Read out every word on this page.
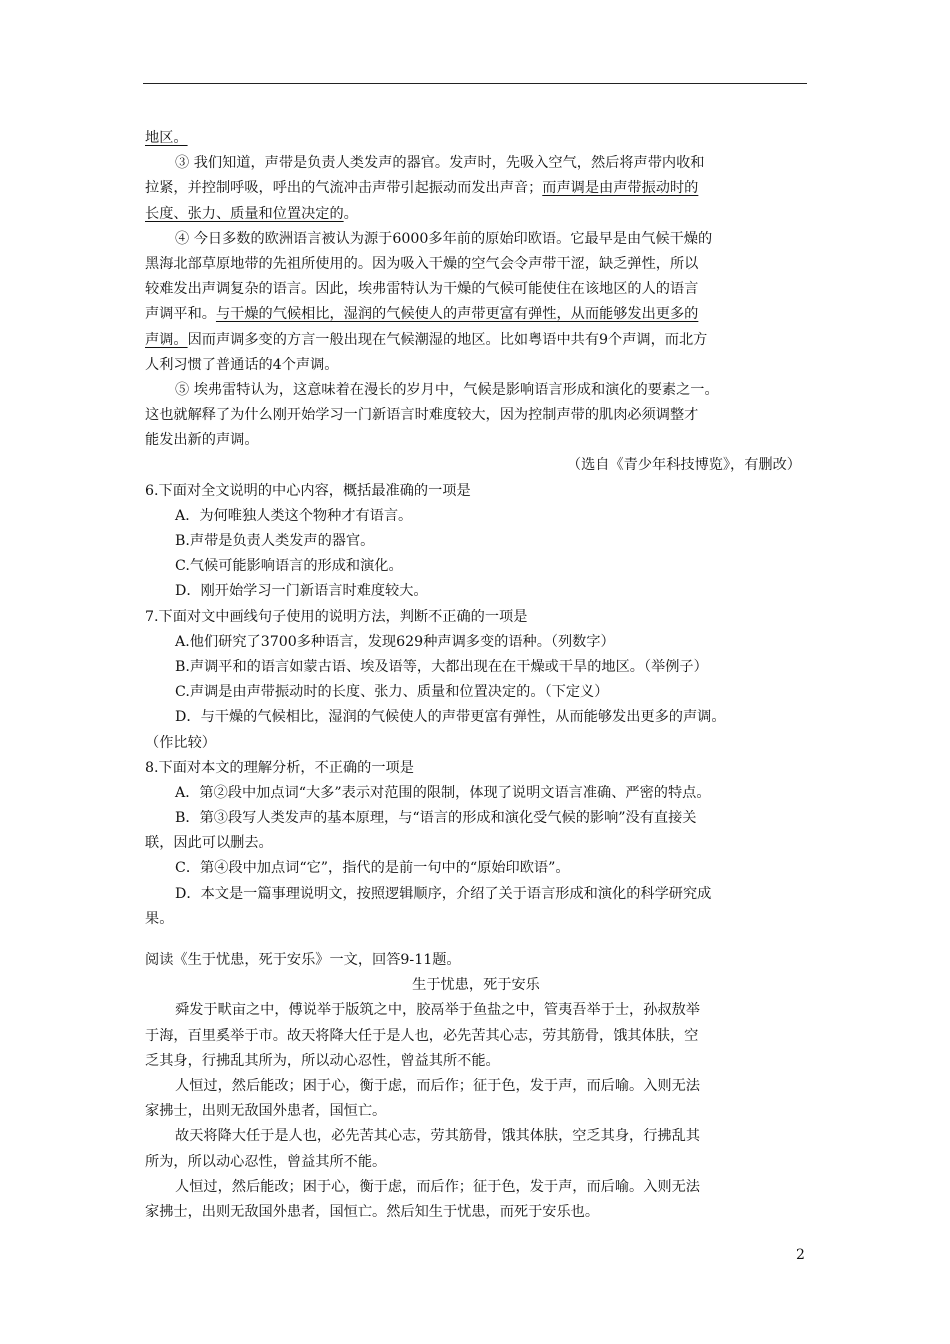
地区。
③ 我们知道，声带是负责人类发声的器官。发声时，先吸入空气，然后将声带内收和
拉紧，并控制呼吸，呼出的气流冲击声带引起振动而发出声音；而声调是由声带振动时的
长度、张力、质量和位置决定的。
④ 今日多数的欧洲语言被认为源于6000多年前的原始印欧语。它最早是由气候干燥的
黑海北部草原地带的先祖所使用的。因为吸入干燥的空气会令声带干涩，缺乏弹性，所以
较难发出声调复杂的语言。因此，埃弗雷特认为干燥的气候可能使住在该地区的人的语言
声调平和。与干燥的气候相比，湿润的气候使人的声带更富有弹性，从而能够发出更多的
声调。因而声调多变的方言一般出现在气候潮湿的地区。比如粤语中共有9个声调，而北方
人利习惯了普通话的4个声调。
⑤ 埃弗雷特认为，这意味着在漫长的岁月中，气候是影响语言形成和演化的要素之一。
这也就解释了为什么刚开始学习一门新语言时难度较大，因为控制声带的肌肉必须调整才
能发出新的声调。
（选自《青少年科技博览》，有删改）
6.下面对全文说明的中心内容，概括最准确的一项是
A．为何唯独人类这个物种才有语言。
B.声带是负责人类发声的器官。
C.气候可能影响语言的形成和演化。
D．刚开始学习一门新语言时难度较大。
7.下面对文中画线句子使用的说明方法，判断不正确的一项是
A.他们研究了3700多种语言，发现629种声调多变的语种。（列数字）
B.声调平和的语言如蒙古语、埃及语等，大都出现在在干燥或干旱的地区。（举例子）
C.声调是由声带振动时的长度、张力、质量和位置决定的。（下定义）
D．与干燥的气候相比，湿润的气候使人的声带更富有弹性，从而能够发出更多的声调。
（作比较）
8.下面对本文的理解分析，不正确的一项是
A．第②段中加点词“大多”表示对范围的限制，体现了说明文语言准确、严密的特点。
B．第③段写人类发声的基本原理，与“语言的形成和演化受气候的影响”没有直接关
联，因此可以删去。
C．第④段中加点词“它”，指代的是前一句中的“原始印欧语”。
D．本文是一篇事理说明文，按照逻辑顺序，介绍了关于语言形成和演化的科学研究成
果。
阅读《生于忧患，死于安乐》一文，回答9-11题。
生于忧患，死于安乐
舜发于畎亩之中，傅说举于版筑之中，胶鬲举于鱼盐之中，管夷吾举于士，孙叔敖举
于海，百里奚举于市。故天将降大任于是人也，必先苦其心志，劳其筋骨，饿其体肤，空
乏其身，行拂乱其所为，所以动心忍性，曾益其所不能。
人恒过，然后能改；困于心，衡于虑，而后作；征于色，发于声，而后喻。入则无法
家拂士，出则无敌国外患者，国恒亡。
故天将降大任于是人也，必先苦其心志，劳其筋骨，饿其体肤，空乏其身，行拂乱其
所为，所以动心忍性，曾益其所不能。
人恒过，然后能改；困于心，衡于虑，而后作；征于色，发于声，而后喻。入则无法
家拂士，出则无敌国外患者，国恒亡。然后知生于忧患，而死于安乐也。
2
